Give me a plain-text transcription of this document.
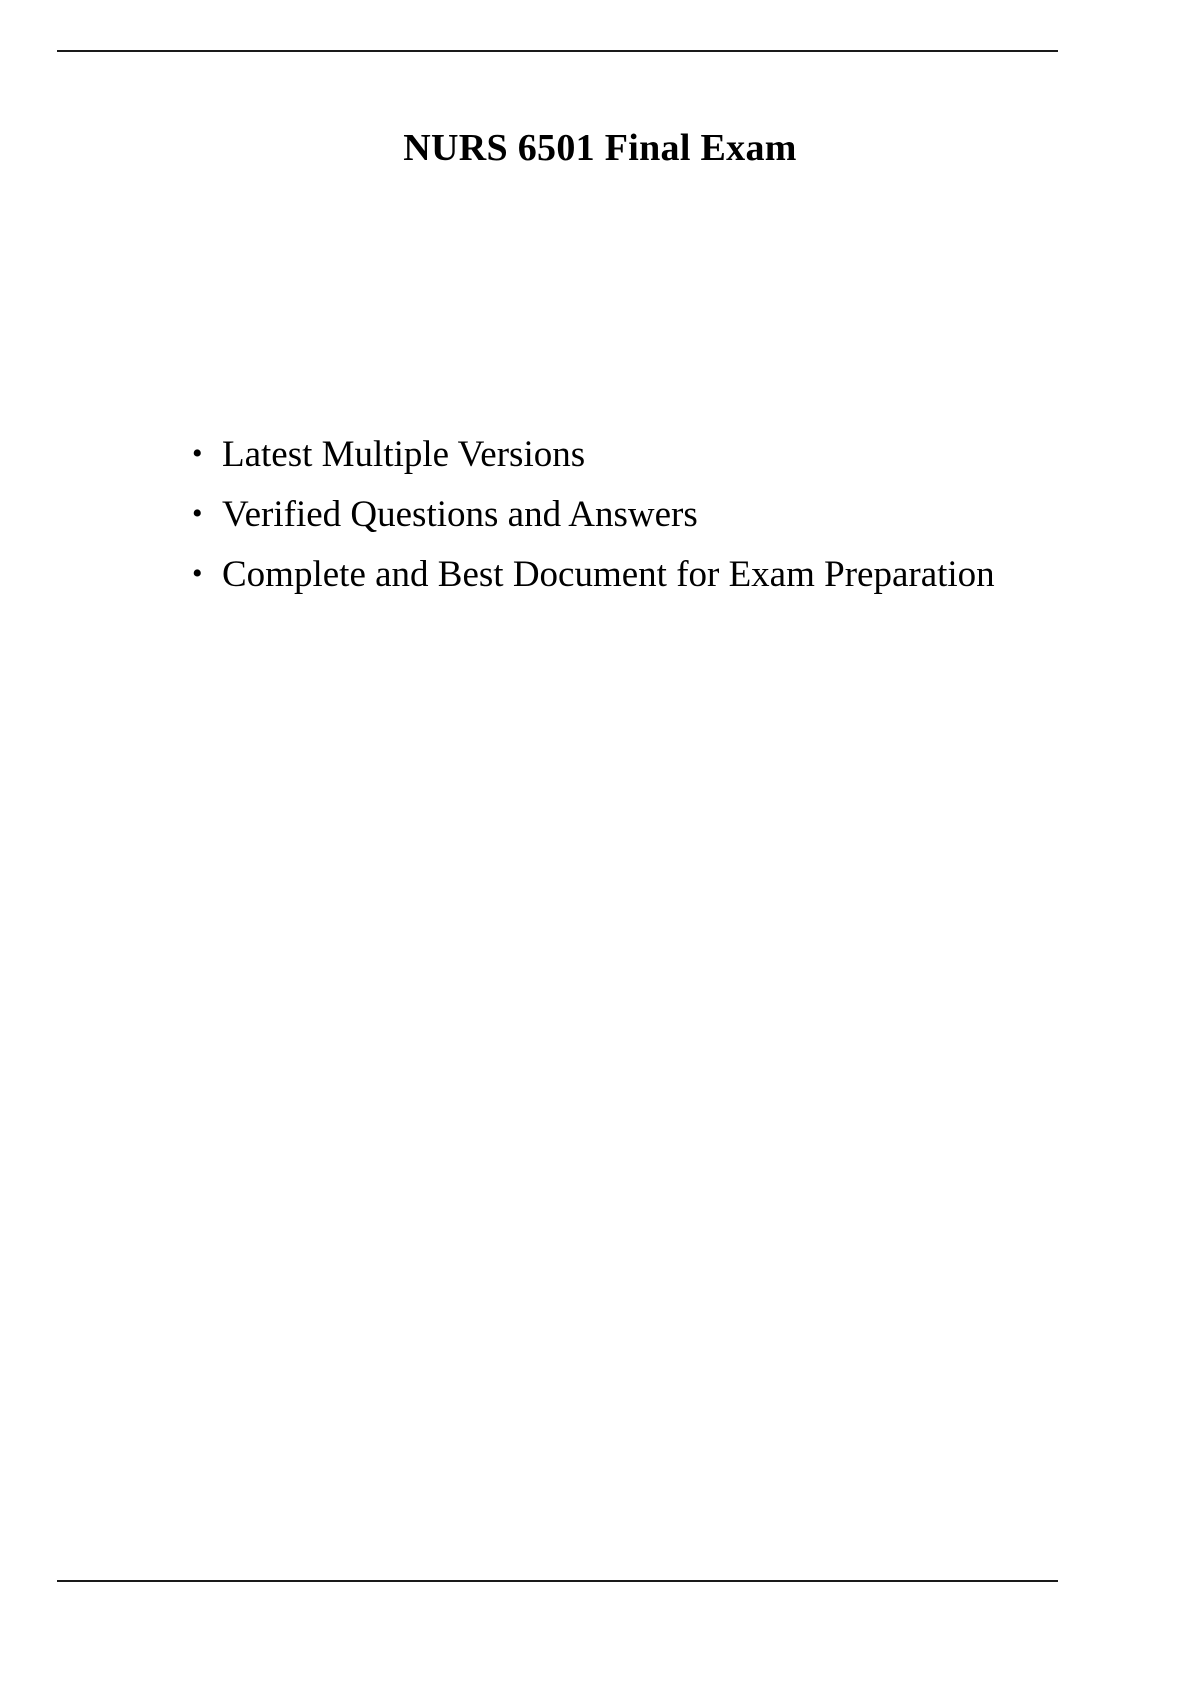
NURS 6501 Final Exam
• Latest Multiple Versions
• Verified Questions and Answers
• Complete and Best Document for Exam Preparation
